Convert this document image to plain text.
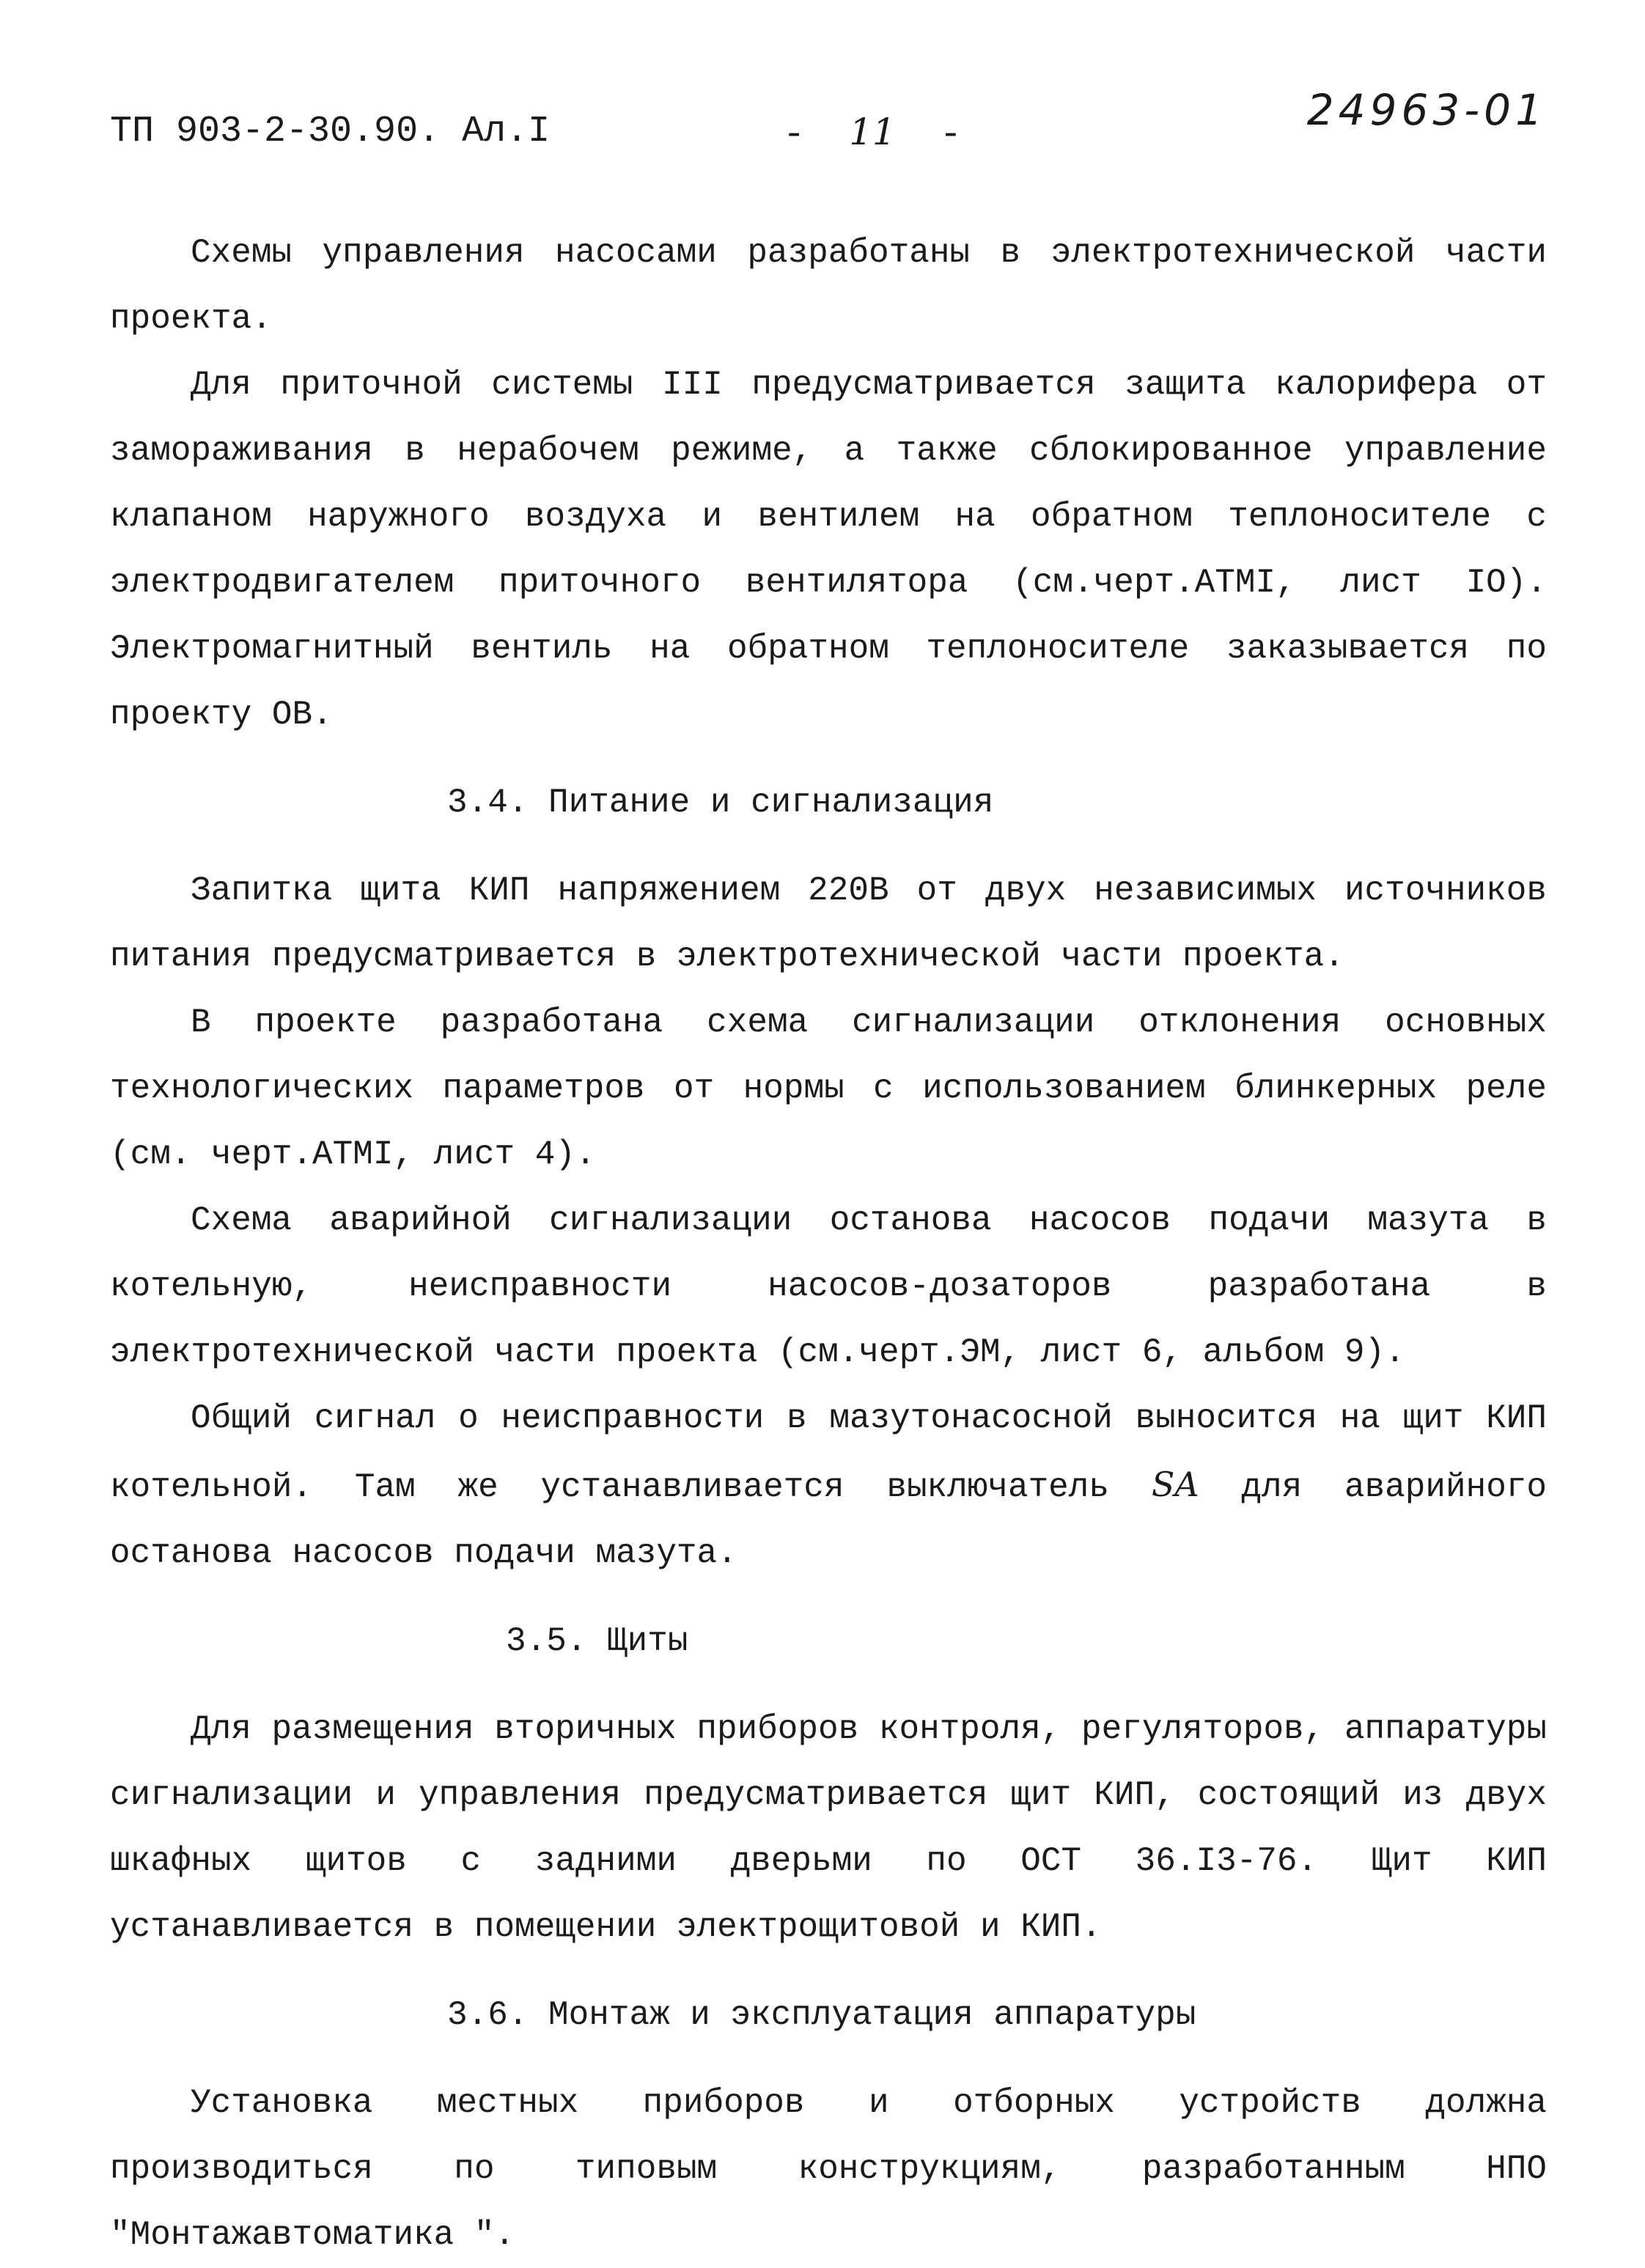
ТП 903-2-30.90. Ал.I	- 11 -
24963-01

Схемы управления насосами разработаны в электротехнической части проекта.

Для приточной системы III предусматривается защита калорифера от замораживания в нерабочем режиме, а также сблокированное управление клапаном наружного воздуха и вентилем на обратном теплоносителе с электродвигателем приточного вентилятора (см.черт.АТМI, лист IO). Электромагнитный вентиль на обратном теплоносителе заказывается по проекту ОВ.

3.4. Питание и сигнализация

Запитка щита КИП напряжением 220В от двух независимых источников питания предусматривается в электротехнической части проекта.

В проекте разработана схема сигнализации отклонения основных технологических параметров от нормы с использованием блинкерных реле (см. черт.АТМI, лист 4).

Схема аварийной сигнализации останова насосов подачи мазута в котельную, неисправности насосов-дозаторов разработана в электротехнической части проекта (см.черт.ЭМ, лист 6, альбом 9).

Общий сигнал о неисправности в мазутонасосной выносится на щит КИП котельной. Там же устанавливается выключатель SA для аварийного останова насосов подачи мазута.

3.5. Щиты

Для размещения вторичных приборов контроля, регуляторов, аппаратуры сигнализации и управления предусматривается щит КИП, состоящий из двух шкафных щитов с задними дверьми по ОСТ 36.I3-76. Щит КИП устанавливается в помещении электрощитовой и КИП.

3.6. Монтаж и эксплуатация аппаратуры

Установка местных приборов и отборных устройств должна производиться по типовым конструкциям, разработанным НПО "Монтажавтоматика ".
